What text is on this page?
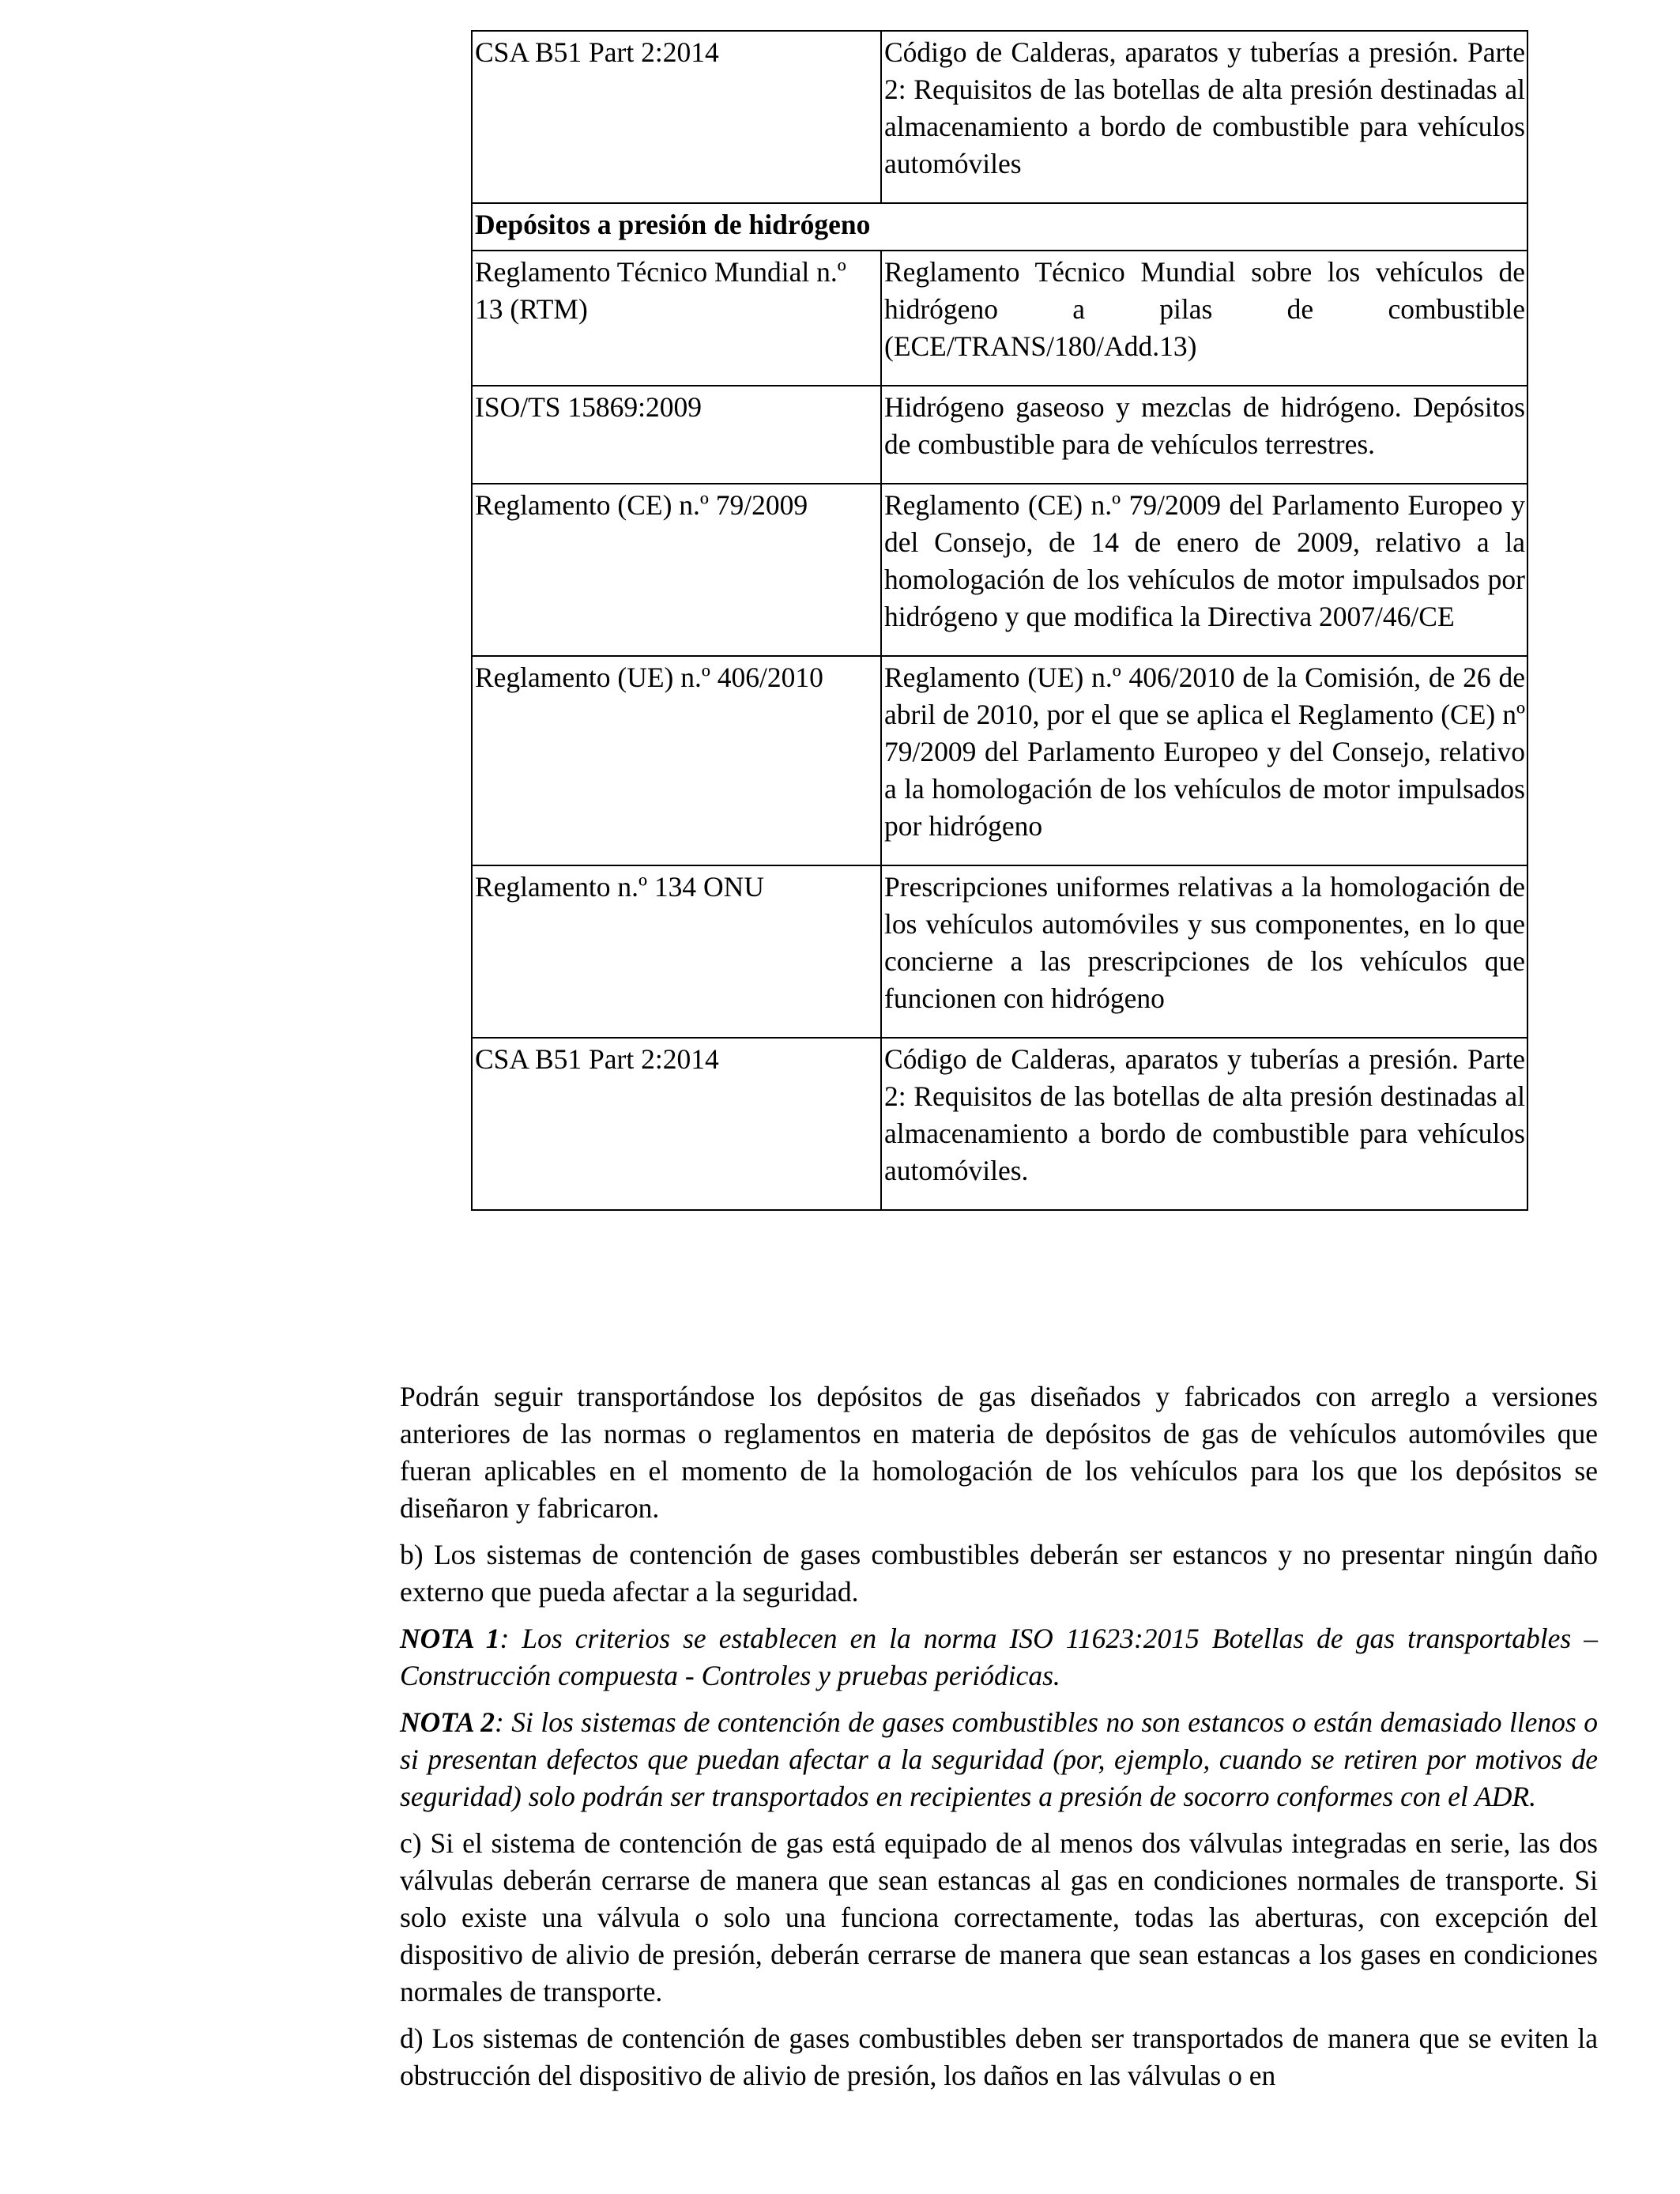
CSA B51 Part 2:2014	Código de Calderas, aparatos y tuberías a presión. Parte 2: Requisitos de las botellas de alta presión destinadas al almacenamiento a bordo de combustible para vehículos automóviles
Depósitos a presión de hidrógeno	
Reglamento Técnico Mundial n.º 13 (RTM)	Reglamento Técnico Mundial sobre los vehículos de hidrógeno a pilas de combustible (ECE/TRANS/180/Add.13)
ISO/TS 15869:2009	Hidrógeno gaseoso y mezclas de hidrógeno. Depósitos de combustible para de vehículos terrestres.
Reglamento (CE) n.º 79/2009	Reglamento (CE) n.º 79/2009 del Parlamento Europeo y del Consejo, de 14 de enero de 2009, relativo a la homologación de los vehículos de motor impulsados por hidrógeno y que modifica la Directiva 2007/46/CE
Reglamento (UE) n.º 406/2010	Reglamento (UE) n.º 406/2010 de la Comisión, de 26 de abril de 2010, por el que se aplica el Reglamento (CE) nº 79/2009 del Parlamento Europeo y del Consejo, relativo a la homologación de los vehículos de motor impulsados por hidrógeno
Reglamento n.º 134 ONU	Prescripciones uniformes relativas a la homologación de los vehículos automóviles y sus componentes, en lo que concierne a las prescripciones de los vehículos que funcionen con hidrógeno
CSA B51 Part 2:2014	Código de Calderas, aparatos y tuberías a presión. Parte 2: Requisitos de las botellas de alta presión destinadas al almacenamiento a bordo de combustible para vehículos automóviles.

Podrán seguir transportándose los depósitos de gas diseñados y fabricados con arreglo a versiones anteriores de las normas o reglamentos en materia de depósitos de gas de vehículos automóviles que fueran aplicables en el momento de la homologación de los vehículos para los que los depósitos se diseñaron y fabricaron.

b) Los sistemas de contención de gases combustibles deberán ser estancos y no presentar ningún daño externo que pueda afectar a la seguridad.

NOTA 1: Los criterios se establecen en la norma ISO 11623:2015 Botellas de gas transportables – Construcción compuesta - Controles y pruebas periódicas.

NOTA 2: Si los sistemas de contención de gases combustibles no son estancos o están demasiado llenos o si presentan defectos que puedan afectar a la seguridad (por, ejemplo, cuando se retiren por motivos de seguridad) solo podrán ser transportados en recipientes a presión de socorro conformes con el ADR.

c) Si el sistema de contención de gas está equipado de al menos dos válvulas integradas en serie, las dos válvulas deberán cerrarse de manera que sean estancas al gas en condiciones normales de transporte. Si solo existe una válvula o solo una funciona correctamente, todas las aberturas, con excepción del dispositivo de alivio de presión, deberán cerrarse de manera que sean estancas a los gases en condiciones normales de transporte.

d) Los sistemas de contención de gases combustibles deben ser transportados de manera que se eviten la obstrucción del dispositivo de alivio de presión, los daños en las válvulas o en
